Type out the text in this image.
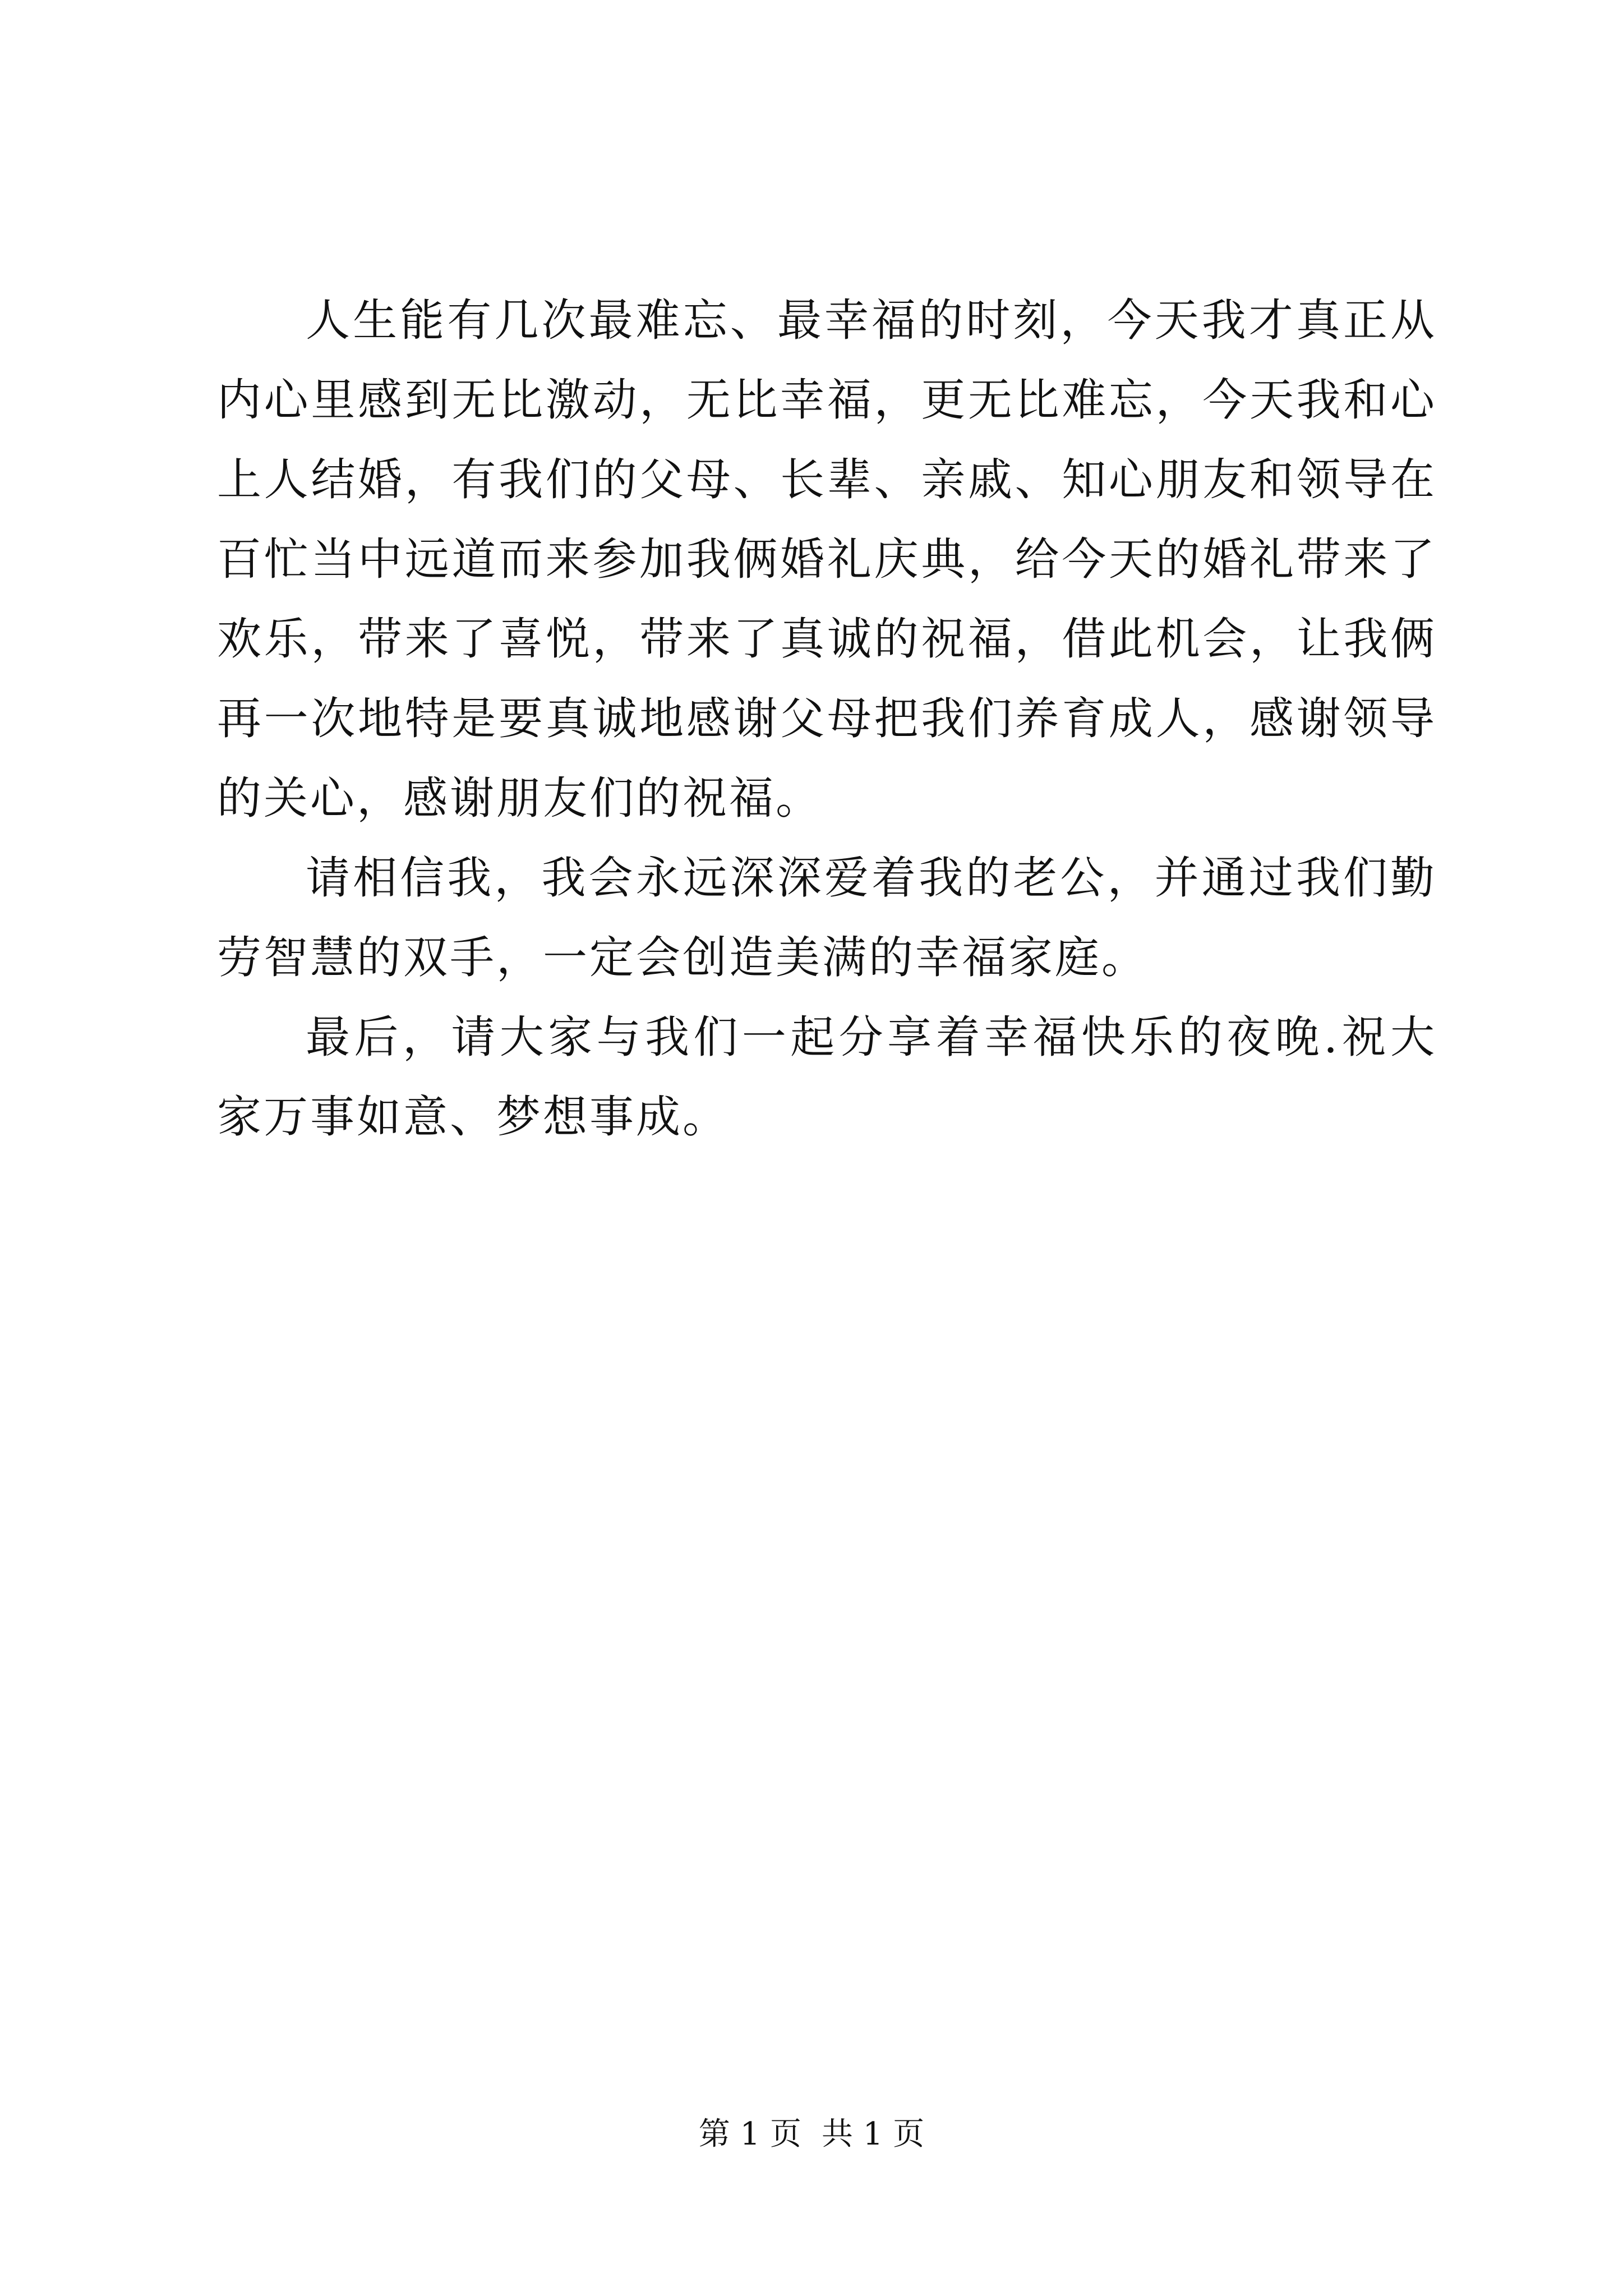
人生能有几次最难忘、最幸福的时刻，今天我才真正从内心里感到无比激动，无比幸福，更无比难忘，今天我和心上人结婚，有我们的父母、长辈、亲戚、知心朋友和领导在百忙当中远道而来参加我俩婚礼庆典，给今天的婚礼带来了欢乐，带来了喜悦，带来了真诚的祝福，借此机会，让我俩再一次地特是要真诚地感谢父母把我们养育成人，感谢领导的关心，感谢朋友们的祝福。

请相信我，我会永远深深爱着我的老公，并通过我们勤劳智慧的双手，一定会创造美满的幸福家庭。

最后，请大家与我们一起分享着幸福快乐的夜晚.祝大家万事如意、梦想事成。

第 1 页 共 1 页
